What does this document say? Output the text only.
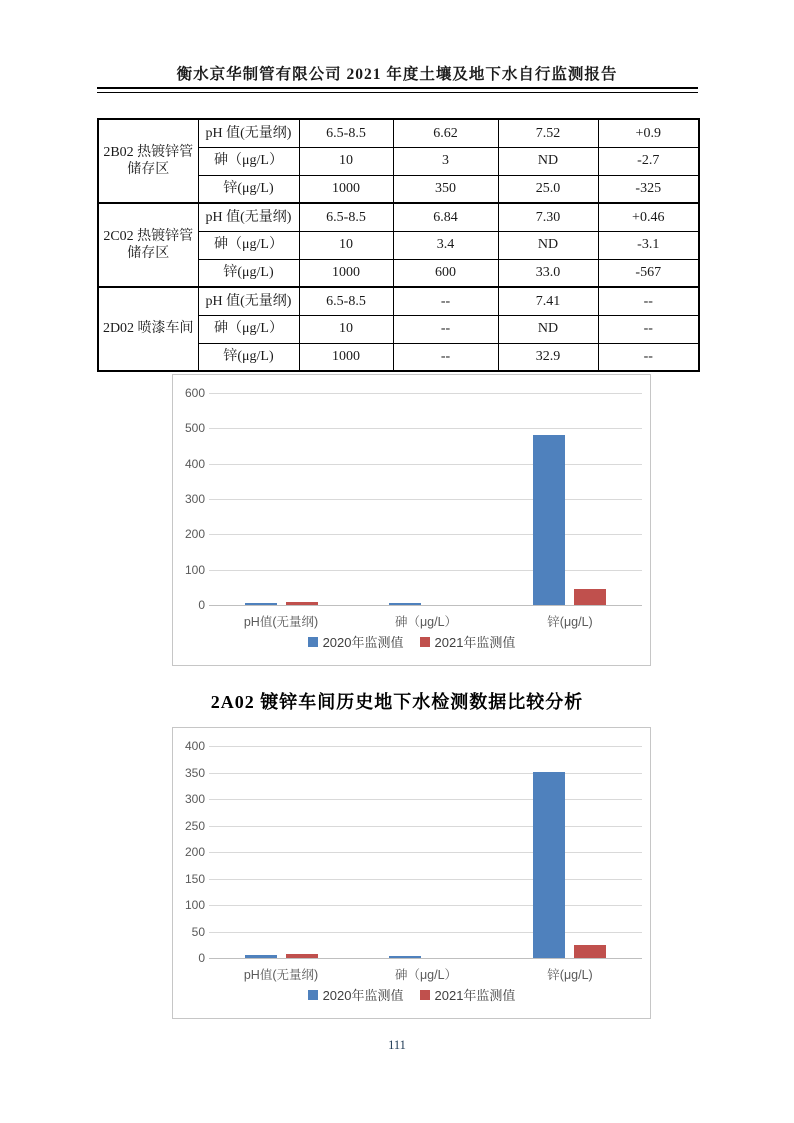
衡水京华制管有限公司 2021 年度土壤及地下水自行监测报告
2B02 热镀锌管储存区	pH 值(无量纲)	6.5-8.5	6.62	7.52	+0.9
	砷（μg/L）	10	3	ND	-2.7
	锌(μg/L)	1000	350	25.0	-325
2C02 热镀锌管储存区	pH 值(无量纲)	6.5-8.5	6.84	7.30	+0.46
	砷（μg/L）	10	3.4	ND	-3.1
	锌(μg/L)	1000	600	33.0	-567
2D02 喷漆车间	pH 值(无量纲)	6.5-8.5	--	7.41	--
	砷（μg/L）	10	--	ND	--
	锌(μg/L)	1000	--	32.9	--
0
100
200
300
400
500
600
pH值(无量纲)	砷（μg/L）	锌(μg/L)
2020年监测值 2021年监测值
2A02 镀锌车间历史地下水检测数据比较分析
0
50
100
150
200
250
300
350
400
pH值(无量纲)	砷（μg/L）	锌(μg/L)
2020年监测值 2021年监测值
111
